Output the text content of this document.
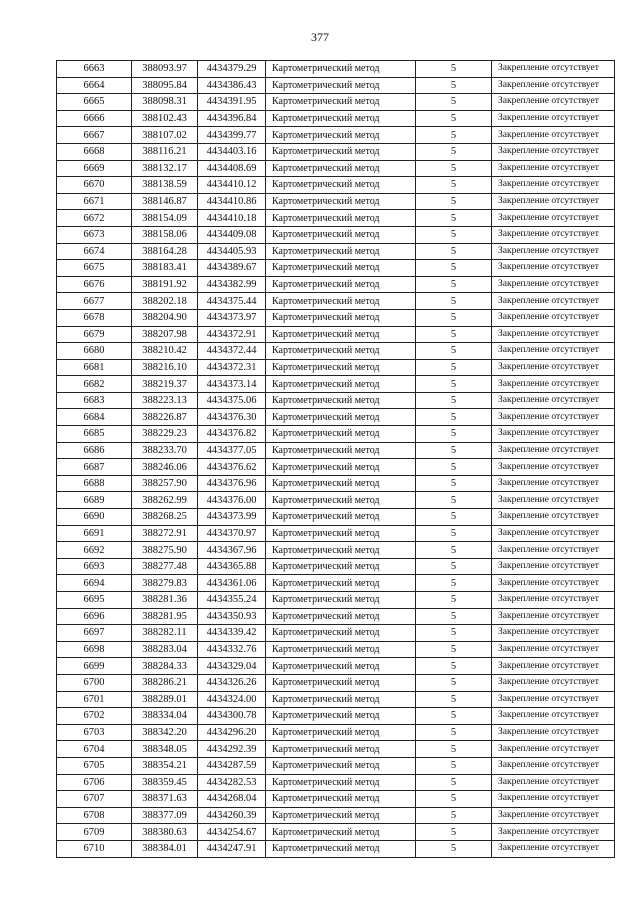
377
6663	388093.97	4434379.29	Картометрический метод	5	Закрепление отсутствует
6664	388095.84	4434386.43	Картометрический метод	5	Закрепление отсутствует
6665	388098.31	4434391.95	Картометрический метод	5	Закрепление отсутствует
6666	388102.43	4434396.84	Картометрический метод	5	Закрепление отсутствует
6667	388107.02	4434399.77	Картометрический метод	5	Закрепление отсутствует
6668	388116.21	4434403.16	Картометрический метод	5	Закрепление отсутствует
6669	388132.17	4434408.69	Картометрический метод	5	Закрепление отсутствует
6670	388138.59	4434410.12	Картометрический метод	5	Закрепление отсутствует
6671	388146.87	4434410.86	Картометрический метод	5	Закрепление отсутствует
6672	388154.09	4434410.18	Картометрический метод	5	Закрепление отсутствует
6673	388158.06	4434409.08	Картометрический метод	5	Закрепление отсутствует
6674	388164.28	4434405.93	Картометрический метод	5	Закрепление отсутствует
6675	388183.41	4434389.67	Картометрический метод	5	Закрепление отсутствует
6676	388191.92	4434382.99	Картометрический метод	5	Закрепление отсутствует
6677	388202.18	4434375.44	Картометрический метод	5	Закрепление отсутствует
6678	388204.90	4434373.97	Картометрический метод	5	Закрепление отсутствует
6679	388207.98	4434372.91	Картометрический метод	5	Закрепление отсутствует
6680	388210.42	4434372.44	Картометрический метод	5	Закрепление отсутствует
6681	388216.10	4434372.31	Картометрический метод	5	Закрепление отсутствует
6682	388219.37	4434373.14	Картометрический метод	5	Закрепление отсутствует
6683	388223.13	4434375.06	Картометрический метод	5	Закрепление отсутствует
6684	388226.87	4434376.30	Картометрический метод	5	Закрепление отсутствует
6685	388229.23	4434376.82	Картометрический метод	5	Закрепление отсутствует
6686	388233.70	4434377.05	Картометрический метод	5	Закрепление отсутствует
6687	388246.06	4434376.62	Картометрический метод	5	Закрепление отсутствует
6688	388257.90	4434376.96	Картометрический метод	5	Закрепление отсутствует
6689	388262.99	4434376.00	Картометрический метод	5	Закрепление отсутствует
6690	388268.25	4434373.99	Картометрический метод	5	Закрепление отсутствует
6691	388272.91	4434370.97	Картометрический метод	5	Закрепление отсутствует
6692	388275.90	4434367.96	Картометрический метод	5	Закрепление отсутствует
6693	388277.48	4434365.88	Картометрический метод	5	Закрепление отсутствует
6694	388279.83	4434361.06	Картометрический метод	5	Закрепление отсутствует
6695	388281.36	4434355.24	Картометрический метод	5	Закрепление отсутствует
6696	388281.95	4434350.93	Картометрический метод	5	Закрепление отсутствует
6697	388282.11	4434339.42	Картометрический метод	5	Закрепление отсутствует
6698	388283.04	4434332.76	Картометрический метод	5	Закрепление отсутствует
6699	388284.33	4434329.04	Картометрический метод	5	Закрепление отсутствует
6700	388286.21	4434326.26	Картометрический метод	5	Закрепление отсутствует
6701	388289.01	4434324.00	Картометрический метод	5	Закрепление отсутствует
6702	388334.04	4434300.78	Картометрический метод	5	Закрепление отсутствует
6703	388342.20	4434296.20	Картометрический метод	5	Закрепление отсутствует
6704	388348.05	4434292.39	Картометрический метод	5	Закрепление отсутствует
6705	388354.21	4434287.59	Картометрический метод	5	Закрепление отсутствует
6706	388359.45	4434282.53	Картометрический метод	5	Закрепление отсутствует
6707	388371.63	4434268.04	Картометрический метод	5	Закрепление отсутствует
6708	388377.09	4434260.39	Картометрический метод	5	Закрепление отсутствует
6709	388380.63	4434254.67	Картометрический метод	5	Закрепление отсутствует
6710	388384.01	4434247.91	Картометрический метод	5	Закрепление отсутствует
